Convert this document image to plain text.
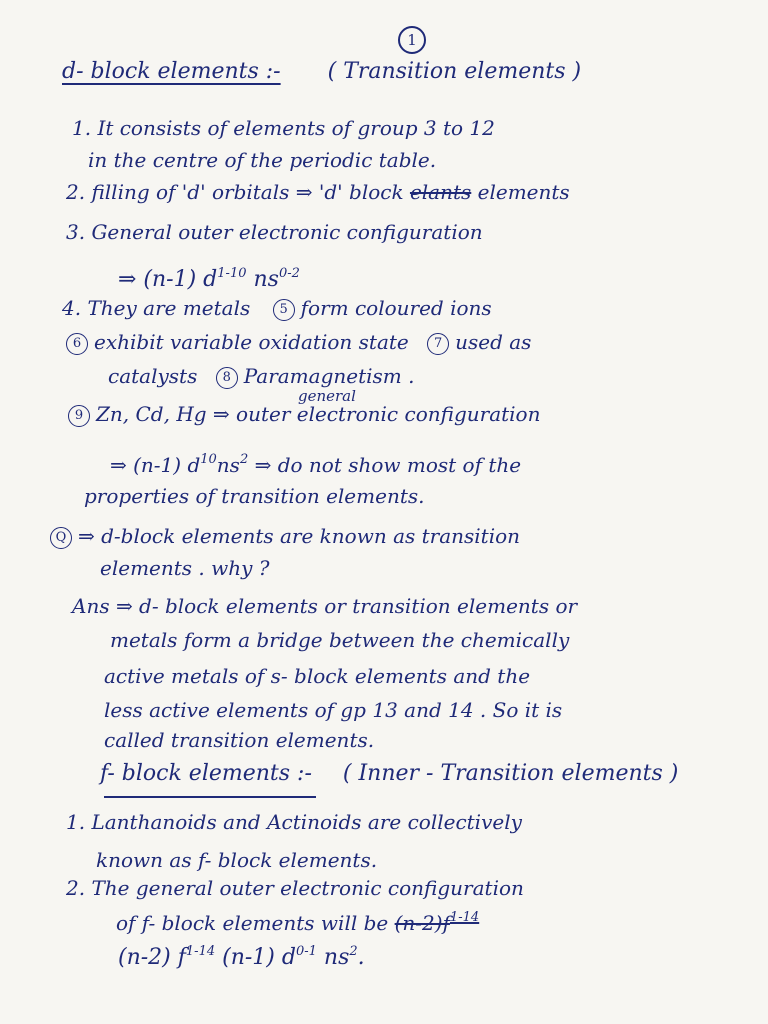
1
d- block elements :- ( Transition elements )
1. It consists of elements of group 3 to 12
in the centre of the periodic table.
2. filling of 'd' orbitals ⇒ 'd' block elants elements
3. General outer electronic configuration
⇒ (n-1) $d^{1-10}$ $ns^{0-2}$
4. They are metals 5 form coloured ions
6 exhibit variable oxidation state 7 used as
catalysts 8 Paramagnetism .
general
9 Zn, Cd, Hg ⇒ outer electronic configuration
⇒ (n-1) $d^{10}ns^2$ ⇒ do not show most of the
properties of transition elements.
Q ⇒ d-block elements are known as transition
elements . why ?
Ans ⇒ d- block elements or transition elements or
metals form a bridge between the chemically
active metals of s- block elements and the
less active elements of gp 13 and 14 . So it is
called transition elements.
f- block elements :- ( Inner - Transition elements )
1. Lanthanoids and Actinoids are collectively
known as f- block elements.
2. The general outer electronic configuration
of f- block elements will be $(n-2)f^{1-14}$
(n-2) $f^{1-14}$ (n-1) $d^{0-1}$ $ns^2$.
